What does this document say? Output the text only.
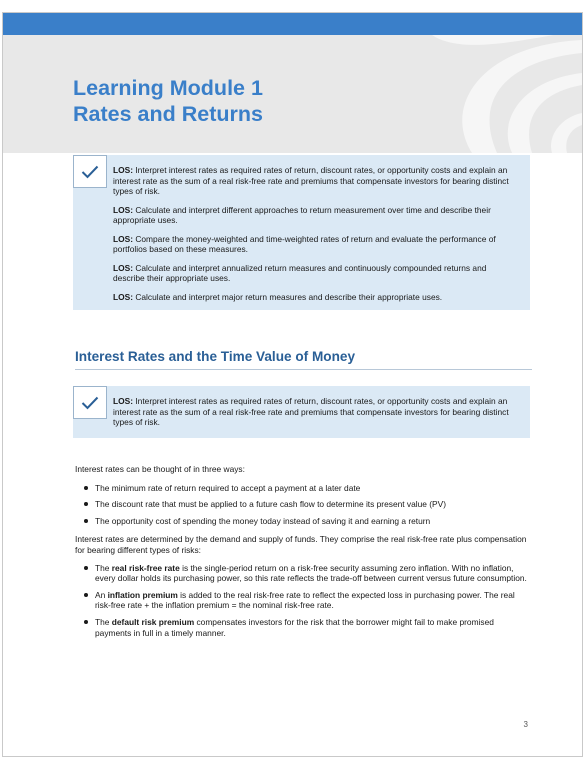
Learning Module 1
Rates and Returns
LOS: Interpret interest rates as required rates of return, discount rates, or opportunity costs and explain an interest rate as the sum of a real risk-free rate and premiums that compensate investors for bearing distinct types of risk.
LOS: Calculate and interpret different approaches to return measurement over time and describe their appropriate uses.
LOS: Compare the money-weighted and time-weighted rates of return and evaluate the performance of portfolios based on these measures.
LOS: Calculate and interpret annualized return measures and continuously compounded returns and describe their appropriate uses.
LOS: Calculate and interpret major return measures and describe their appropriate uses.
Interest Rates and the Time Value of Money
LOS: Interpret interest rates as required rates of return, discount rates, or opportunity costs and explain an interest rate as the sum of a real risk-free rate and premiums that compensate investors for bearing distinct types of risk.

Interest rates can be thought of in three ways:

The minimum rate of return required to accept a payment at a later date
The discount rate that must be applied to a future cash flow to determine its present value (PV)
The opportunity cost of spending the money today instead of saving it and earning a return

Interest rates are determined by the demand and supply of funds. They comprise the real risk-free rate plus compensation for bearing different types of risks:

The real risk-free rate is the single-period return on a risk-free security assuming zero inflation. With no inflation, every dollar holds its purchasing power, so this rate reflects the trade-off between current versus future consumption.
An inflation premium is added to the real risk-free rate to reflect the expected loss in purchasing power. The real risk-free rate + the inflation premium = the nominal risk-free rate.
The default risk premium compensates investors for the risk that the borrower might fail to make promised payments in full in a timely manner.
3
